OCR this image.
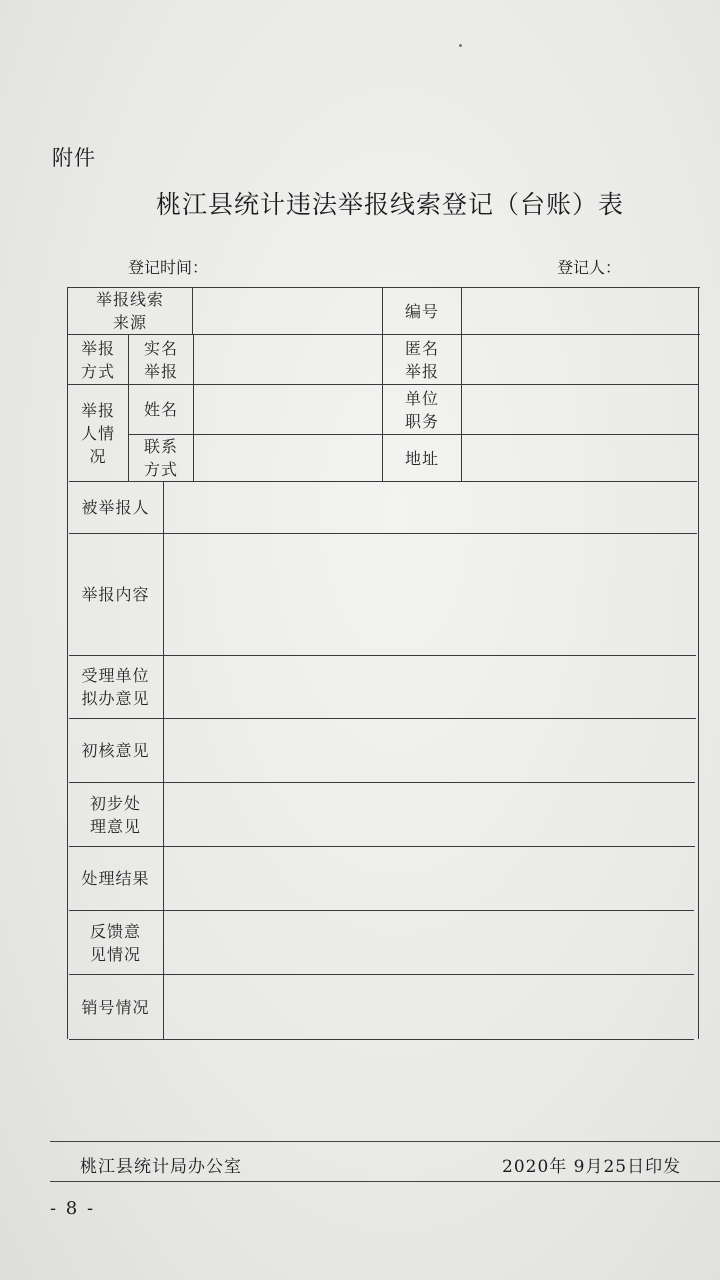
附件
桃江县统计违法举报线索登记（台账）表
登记时间：	登记人：
举报线索
来源
编号
举报
方式
实名
举报
匿名
举报
举报
人情
况
姓名
单位
职务
联系
方式
地址
被举报人
举报内容
受理单位
拟办意见
初核意见
初步处
理意见
处理结果
反馈意
见情况
销号情况
桃江县统计局办公室	2020年 9月25日印发
- 8 -
